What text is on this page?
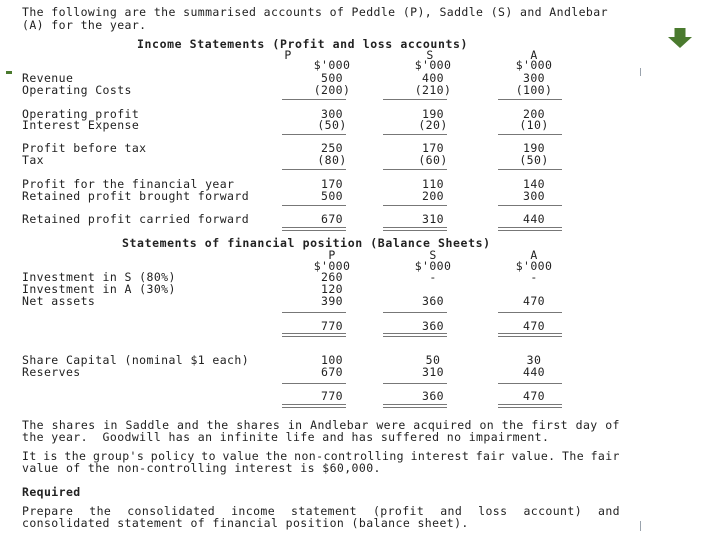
The following are the summarised accounts of Peddle (P), Saddle (S) and Andlebar
(A) for the year.
Income Statements (Profit and loss accounts)
P	S	A
$'000	$'000	$'000
Revenue	500	400	300
Operating Costs	(200)	(210)	(100)
Operating profit	300	190	200
Interest Expense	(50)	(20)	(10)
Profit before tax	250	170	190
Tax	(80)	(60)	(50)
Profit for the financial year	170	110	140
Retained profit brought forward	500	200	300
Retained profit carried forward	670	310	440
Statements of financial position (Balance Sheets)
P	S	A
$'000	$'000	$'000
Investment in S (80%)	260	-	-
Investment in A (30%)	120
Net assets	390	360	470
770	360	470
Share Capital (nominal $1 each)	100	50	30
Reserves	670	310	440
770	360	470
The shares in Saddle and the shares in Andlebar were acquired on the first day of
the year.  Goodwill has an infinite life and has suffered no impairment.
It is the group's policy to value the non-controlling interest fair value. The fair
value of the non-controlling interest is $60,000.
Required
Prepare the consolidated income statement (profit and loss account) and
consolidated statement of financial position (balance sheet).
